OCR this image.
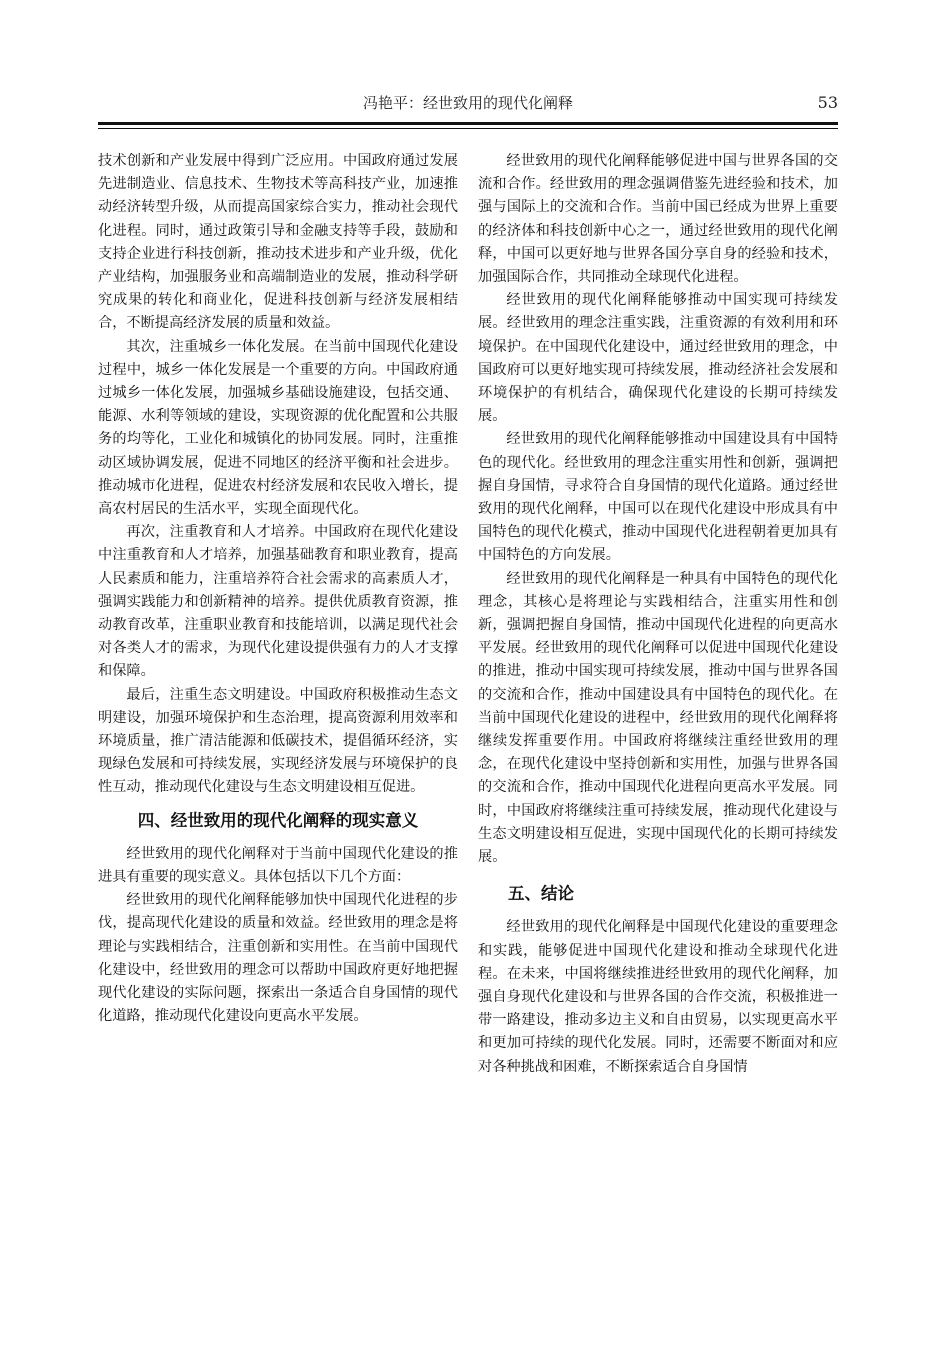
冯艳平：经世致用的现代化阐释	53

技术创新和产业发展中得到广泛应用。中国政府通过发展先进制造业、信息技术、生物技术等高科技产业，加速推动经济转型升级，从而提高国家综合实力，推动社会现代化进程。同时，通过政策引导和金融支持等手段，鼓励和支持企业进行科技创新，推动技术进步和产业升级，优化产业结构，加强服务业和高端制造业的发展，推动科学研究成果的转化和商业化，促进科技创新与经济发展相结合，不断提高经济发展的质量和效益。

其次，注重城乡一体化发展。在当前中国现代化建设过程中，城乡一体化发展是一个重要的方向。中国政府通过城乡一体化发展，加强城乡基础设施建设，包括交通、能源、水利等领域的建设，实现资源的优化配置和公共服务的均等化，工业化和城镇化的协同发展。同时，注重推动区域协调发展，促进不同地区的经济平衡和社会进步。推动城市化进程，促进农村经济发展和农民收入增长，提高农村居民的生活水平，实现全面现代化。

再次，注重教育和人才培养。中国政府在现代化建设中注重教育和人才培养，加强基础教育和职业教育，提高人民素质和能力，注重培养符合社会需求的高素质人才，强调实践能力和创新精神的培养。提供优质教育资源，推动教育改革，注重职业教育和技能培训，以满足现代社会对各类人才的需求，为现代化建设提供强有力的人才支撑和保障。

最后，注重生态文明建设。中国政府积极推动生态文明建设，加强环境保护和生态治理，提高资源利用效率和环境质量，推广清洁能源和低碳技术，提倡循环经济，实现绿色发展和可持续发展，实现经济发展与环境保护的良性互动，推动现代化建设与生态文明建设相互促进。

四、经世致用的现代化阐释的现实意义

经世致用的现代化阐释对于当前中国现代化建设的推进具有重要的现实意义。具体包括以下几个方面：

经世致用的现代化阐释能够加快中国现代化进程的步伐，提高现代化建设的质量和效益。经世致用的理念是将理论与实践相结合，注重创新和实用性。在当前中国现代化建设中，经世致用的理念可以帮助中国政府更好地把握现代化建设的实际问题，探索出一条适合自身国情的现代化道路，推动现代化建设向更高水平发展。

经世致用的现代化阐释能够促进中国与世界各国的交流和合作。经世致用的理念强调借鉴先进经验和技术，加强与国际上的交流和合作。当前中国已经成为世界上重要的经济体和科技创新中心之一，通过经世致用的现代化阐释，中国可以更好地与世界各国分享自身的经验和技术，加强国际合作，共同推动全球现代化进程。

经世致用的现代化阐释能够推动中国实现可持续发展。经世致用的理念注重实践，注重资源的有效利用和环境保护。在中国现代化建设中，通过经世致用的理念，中国政府可以更好地实现可持续发展，推动经济社会发展和环境保护的有机结合，确保现代化建设的长期可持续发展。

经世致用的现代化阐释能够推动中国建设具有中国特色的现代化。经世致用的理念注重实用性和创新，强调把握自身国情，寻求符合自身国情的现代化道路。通过经世致用的现代化阐释，中国可以在现代化建设中形成具有中国特色的现代化模式，推动中国现代化进程朝着更加具有中国特色的方向发展。

经世致用的现代化阐释是一种具有中国特色的现代化理念，其核心是将理论与实践相结合，注重实用性和创新，强调把握自身国情，推动中国现代化进程的向更高水平发展。经世致用的现代化阐释可以促进中国现代化建设的推进，推动中国实现可持续发展，推动中国与世界各国的交流和合作，推动中国建设具有中国特色的现代化。在当前中国现代化建设的进程中，经世致用的现代化阐释将继续发挥重要作用。中国政府将继续注重经世致用的理念，在现代化建设中坚持创新和实用性，加强与世界各国的交流和合作，推动中国现代化进程向更高水平发展。同时，中国政府将继续注重可持续发展，推动现代化建设与生态文明建设相互促进，实现中国现代化的长期可持续发展。

五、结论

经世致用的现代化阐释是中国现代化建设的重要理念和实践，能够促进中国现代化建设和推动全球现代化进程。在未来，中国将继续推进经世致用的现代化阐释，加强自身现代化建设和与世界各国的合作交流，积极推进一带一路建设，推动多边主义和自由贸易，以实现更高水平和更加可持续的现代化发展。同时，还需要不断面对和应对各种挑战和困难，不断探索适合自身国情
